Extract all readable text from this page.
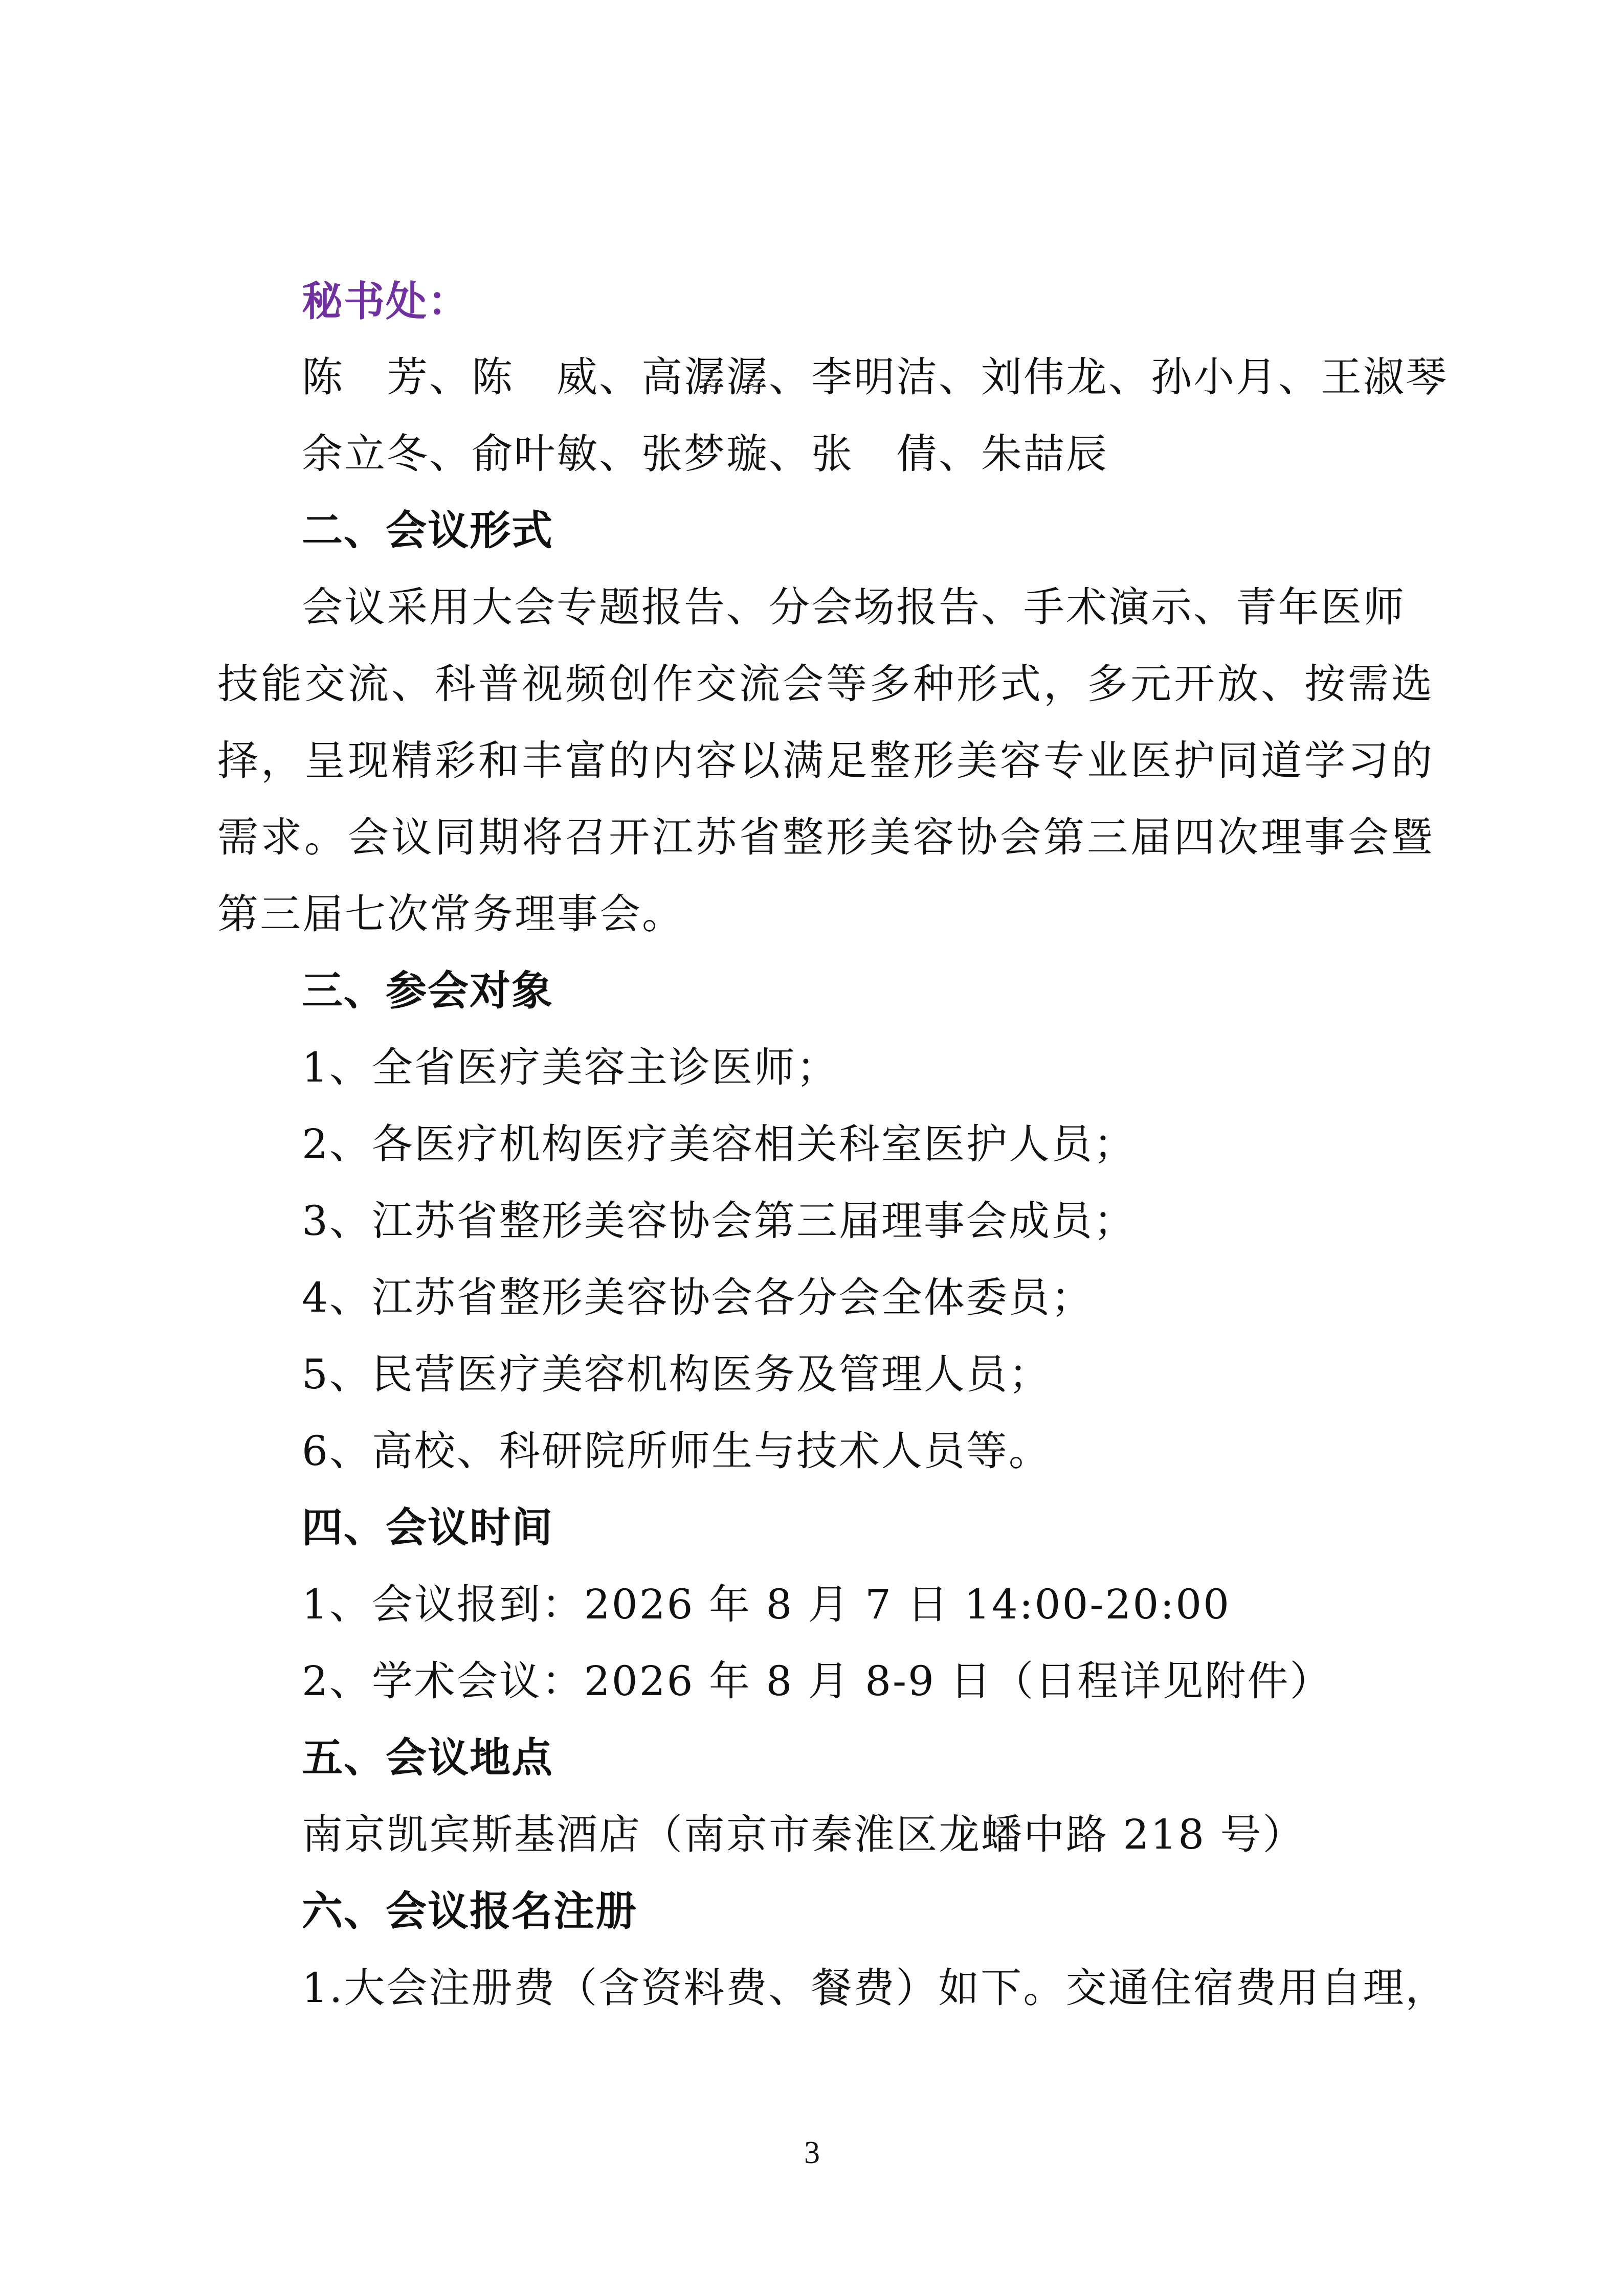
秘书处：
陈　芳、陈　威、高潺潺、李明洁、刘伟龙、孙小月、王淑琴
余立冬、俞叶敏、张梦璇、张　倩、朱喆辰
二、会议形式
会议采用大会专题报告、分会场报告、手术演示、青年医师
技能交流、科普视频创作交流会等多种形式，多元开放、按需选
择，呈现精彩和丰富的内容以满足整形美容专业医护同道学习的
需求。会议同期将召开江苏省整形美容协会第三届四次理事会暨
第三届七次常务理事会。
三、参会对象
1、全省医疗美容主诊医师；
2、各医疗机构医疗美容相关科室医护人员；
3、江苏省整形美容协会第三届理事会成员；
4、江苏省整形美容协会各分会全体委员；
5、民营医疗美容机构医务及管理人员；
6、高校、科研院所师生与技术人员等。
四、会议时间
1、会议报到：2026 年 8 月 7 日 14:00-20:00
2、学术会议：2026 年 8 月 8-9 日（日程详见附件）
五、会议地点
南京凯宾斯基酒店（南京市秦淮区龙蟠中路 218 号）
六、会议报名注册
1.大会注册费（含资料费、餐费）如下。交通住宿费用自理，
3
